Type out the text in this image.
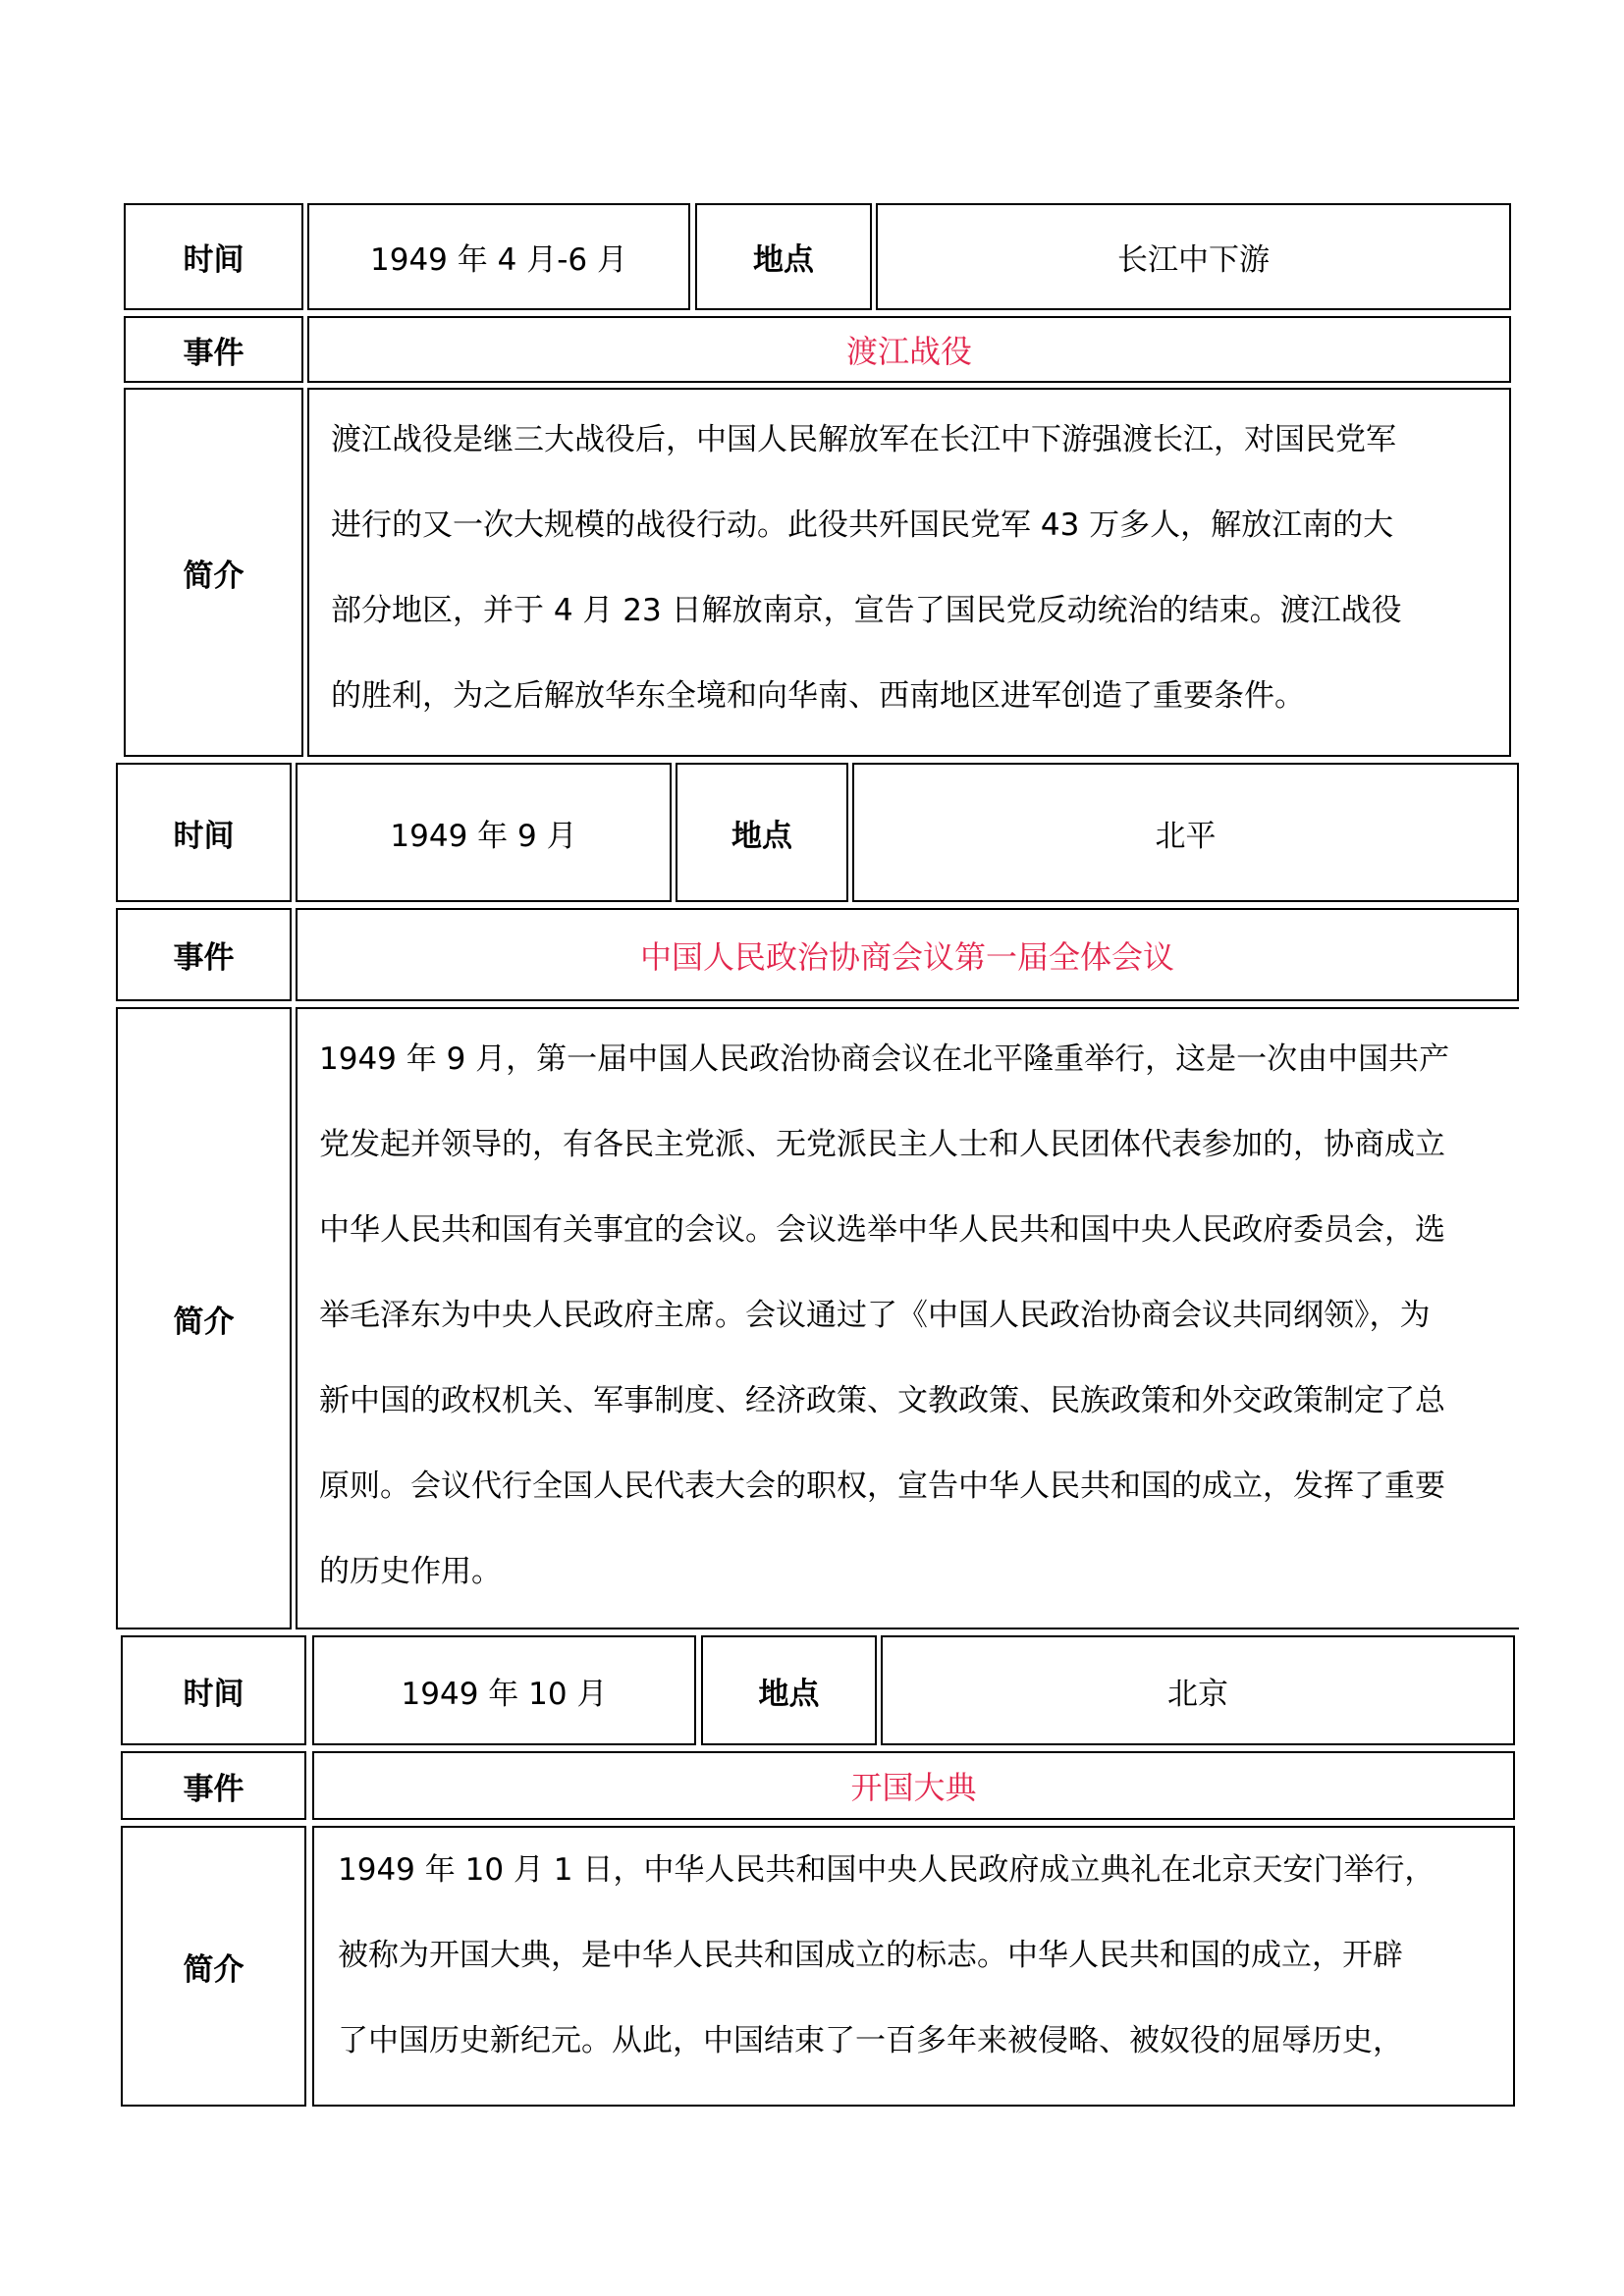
时间	1949 年 4 月-6 月	地点	长江中下游
事件	渡江战役
简介

渡江战役是继三大战役后，中国人民解放军在长江中下游强渡长江，对国民党军

进行的又一次大规模的战役行动。此役共歼国民党军 43 万多人，解放江南的大

部分地区，并于 4 月 23 日解放南京，宣告了国民党反动统治的结束。渡江战役

的胜利，为之后解放华东全境和向华南、西南地区进军创造了重要条件。

时间	1949 年 9 月	地点	北平
事件	中国人民政治协商会议第一届全体会议
简介

1949 年 9 月，第一届中国人民政治协商会议在北平隆重举行，这是一次由中国共产

党发起并领导的，有各民主党派、无党派民主人士和人民团体代表参加的，协商成立

中华人民共和国有关事宜的会议。会议选举中华人民共和国中央人民政府委员会，选

举毛泽东为中央人民政府主席。会议通过了《中国人民政治协商会议共同纲领》，为

新中国的政权机关、军事制度、经济政策、文教政策、民族政策和外交政策制定了总

原则。会议代行全国人民代表大会的职权，宣告中华人民共和国的成立，发挥了重要

的历史作用。

时间	1949 年 10 月	地点	北京
事件	开国大典
简介

1949 年 10 月 1 日，中华人民共和国中央人民政府成立典礼在北京天安门举行，

被称为开国大典，是中华人民共和国成立的标志。中华人民共和国的成立，开辟

了中国历史新纪元。从此，中国结束了一百多年来被侵略、被奴役的屈辱历史，
